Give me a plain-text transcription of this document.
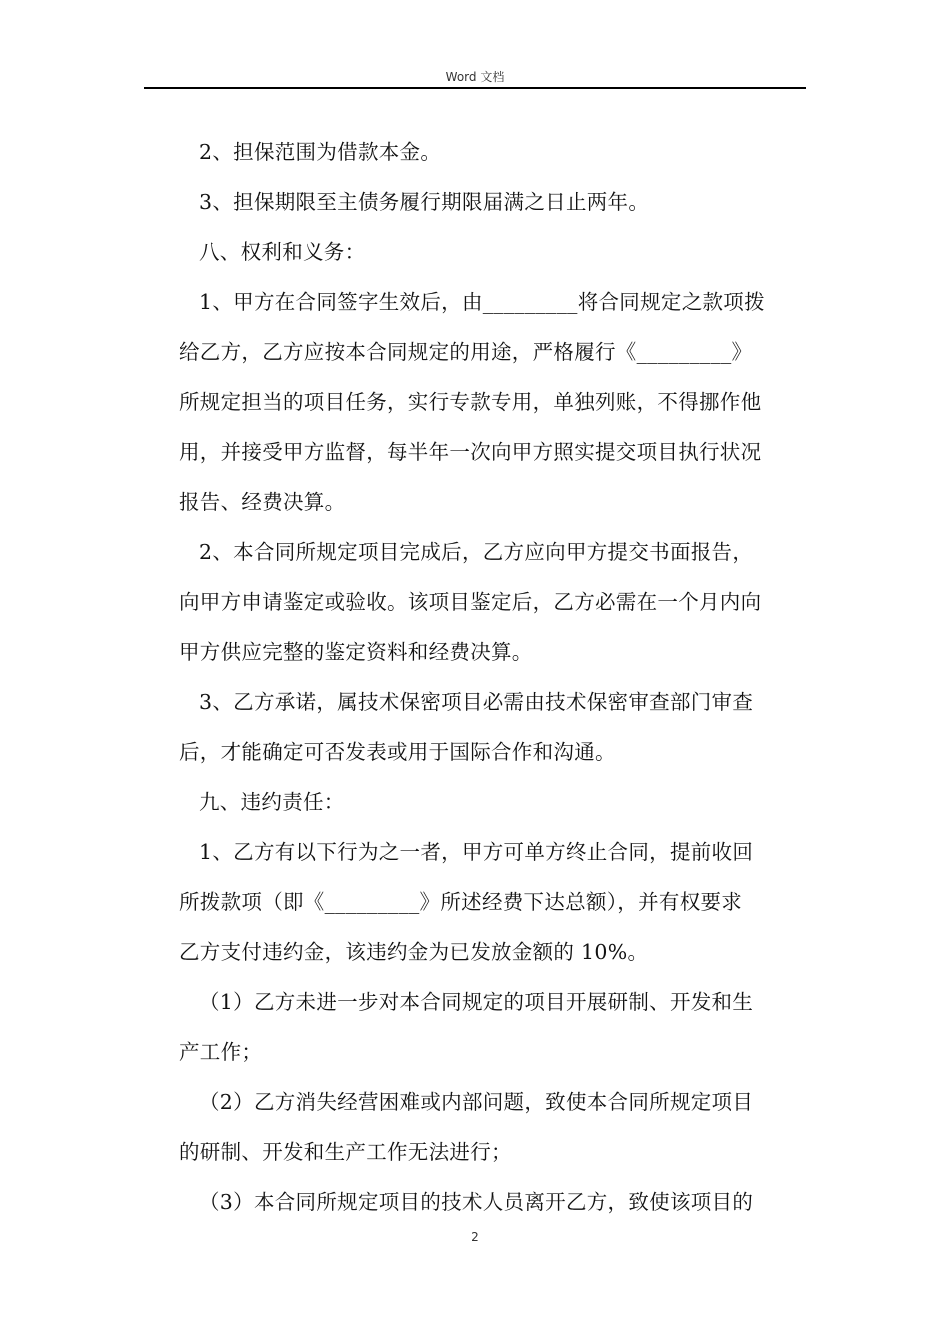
Word 文档

2、担保范围为借款本金。

3、担保期限至主债务履行期限届满之日止两年。

八、权利和义务：

1、甲方在合同签字生效后，由_________将合同规定之款项拨
给乙方，乙方应按本合同规定的用途，严格履行《_________》
所规定担当的项目任务，实行专款专用，单独列账，不得挪作他
用，并接受甲方监督，每半年一次向甲方照实提交项目执行状况
报告、经费决算。

2、本合同所规定项目完成后，乙方应向甲方提交书面报告，
向甲方申请鉴定或验收。该项目鉴定后，乙方必需在一个月内向
甲方供应完整的鉴定资料和经费决算。

3、乙方承诺，属技术保密项目必需由技术保密审查部门审查
后，才能确定可否发表或用于国际合作和沟通。

九、违约责任：

1、乙方有以下行为之一者，甲方可单方终止合同，提前收回
所拨款项（即《_________》所述经费下达总额），并有权要求
乙方支付违约金，该违约金为已发放金额的 10%。

（1）乙方未进一步对本合同规定的项目开展研制、开发和生
产工作；

（2）乙方消失经营困难或内部问题，致使本合同所规定项目
的研制、开发和生产工作无法进行；

（3）本合同所规定项目的技术人员离开乙方，致使该项目的

2
